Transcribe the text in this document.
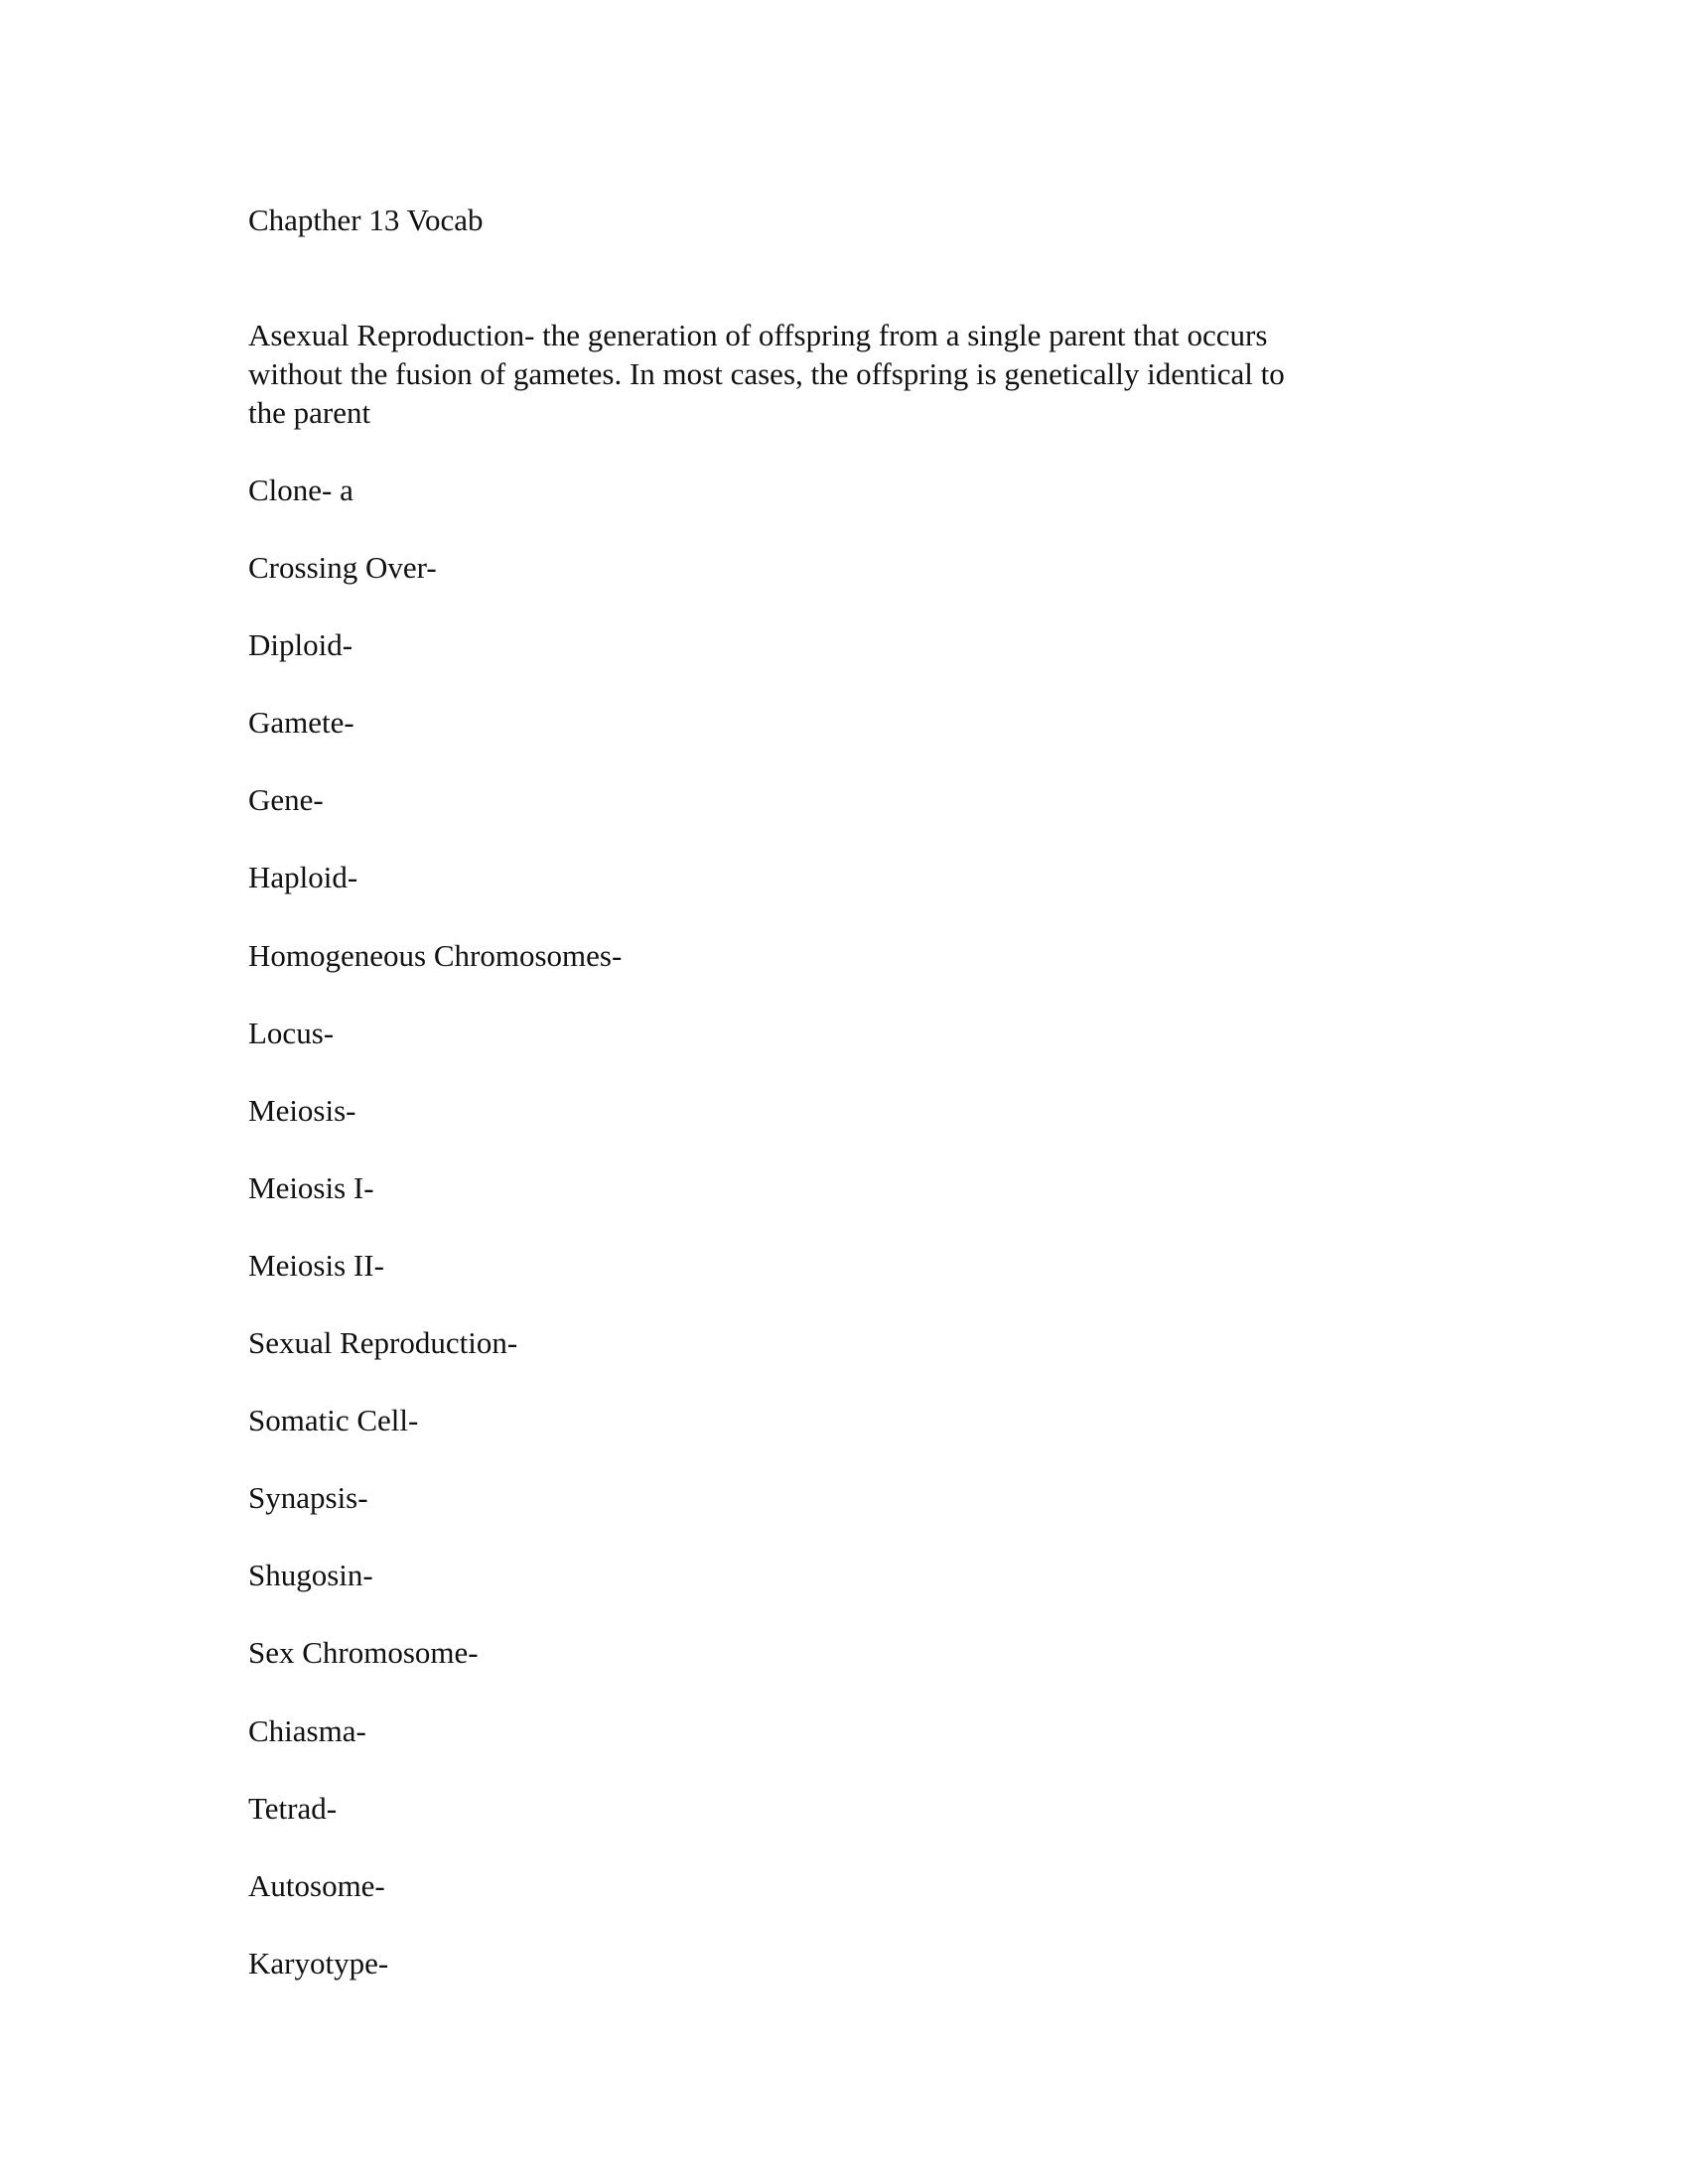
Chapther 13 Vocab
Asexual Reproduction- the generation of offspring from a single parent that occurs
without the fusion of gametes. In most cases, the offspring is genetically identical to
the parent
Clone- a
Crossing Over-
Diploid-
Gamete-
Gene-
Haploid-
Homogeneous Chromosomes-
Locus-
Meiosis-
Meiosis I-
Meiosis II-
Sexual Reproduction-
Somatic Cell-
Synapsis-
Shugosin-
Sex Chromosome-
Chiasma-
Tetrad-
Autosome-
Karyotype-
